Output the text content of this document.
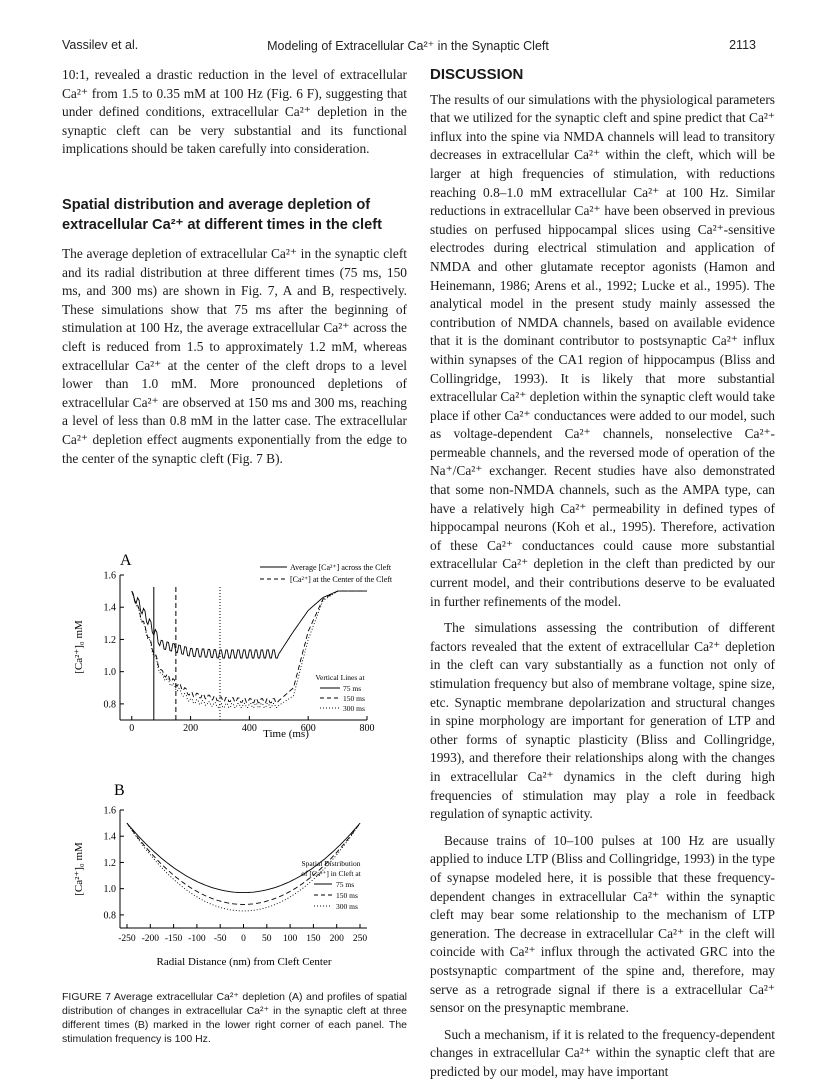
Vassilev et al.	Modeling of Extracellular Ca²⁺ in the Synaptic Cleft	2113

10:1, revealed a drastic reduction in the level of extracellular Ca²⁺ from 1.5 to 0.35 mM at 100 Hz (Fig. 6 F), suggesting that under defined conditions, extracellular Ca²⁺ depletion in the synaptic cleft can be very substantial and its functional implications should be taken carefully into consideration.

Spatial distribution and average depletion of extracellular Ca²⁺ at different times in the cleft

The average depletion of extracellular Ca²⁺ in the synaptic cleft and its radial distribution at three different times (75 ms, 150 ms, and 300 ms) are shown in Fig. 7, A and B, respectively. These simulations show that 75 ms after the beginning of stimulation at 100 Hz, the average extracellular Ca²⁺ across the cleft is reduced from 1.5 to approximately 1.2 mM, whereas extracellular Ca²⁺ at the center of the cleft drops to a level lower than 1.0 mM. More pronounced depletions of extracellular Ca²⁺ are observed at 150 ms and 300 ms, reaching a level of less than 0.8 mM in the latter case. The extracellular Ca²⁺ depletion effect augments exponentially from the edge to the center of the synaptic cleft (Fig. 7 B).

DISCUSSION

The results of our simulations with the physiological parameters that we utilized for the synaptic cleft and spine predict that Ca²⁺ influx into the spine via NMDA channels will lead to transitory decreases in extracellular Ca²⁺ within the cleft, which will be larger at high frequencies of stimulation, with reductions reaching 0.8–1.0 mM extracellular Ca²⁺ at 100 Hz. Similar reductions in extracellular Ca²⁺ have been observed in previous studies on perfused hippocampal slices using Ca²⁺-sensitive electrodes during electrical stimulation and application of NMDA and other glutamate receptor agonists (Hamon and Heinemann, 1986; Arens et al., 1992; Lucke et al., 1995). The analytical model in the present study mainly assessed the contribution of NMDA channels, based on available evidence that it is the dominant contributor to postsynaptic Ca²⁺ influx within synapses of the CA1 region of hippocampus (Bliss and Collingridge, 1993). It is likely that more substantial extracellular Ca²⁺ depletion within the synaptic cleft would take place if other Ca²⁺ conductances were added to our model, such as voltage-dependent Ca²⁺ channels, nonselective Ca²⁺-permeable channels, and the reversed mode of operation of the Na⁺/Ca²⁺ exchanger. Recent studies have also demonstrated that some non-NMDA channels, such as the AMPA type, can have a relatively high Ca²⁺ permeability in defined types of hippocampal neurons (Koh et al., 1995). Therefore, activation of these Ca²⁺ conductances could cause more substantial extracellular Ca²⁺ depletion in the cleft than predicted by our current model, and their contributions deserve to be evaluated in further refinements of the model.

The simulations assessing the contribution of different factors revealed that the extent of extracellular Ca²⁺ depletion in the cleft can vary substantially as a function not only of stimulation frequency but also of membrane voltage, spine size, etc. Synaptic membrane depolarization and structural changes in spine morphology are important for generation of LTP and other forms of synaptic plasticity (Bliss and Collingridge, 1993), and therefore their relationships along with the changes in extracellular Ca²⁺ dynamics in the cleft during high frequencies of stimulation may play a role in feedback regulation of synaptic activity.

Because trains of 10–100 pulses at 100 Hz are usually applied to induce LTP (Bliss and Collingridge, 1993) in the type of synapse modeled here, it is possible that these frequency-dependent changes in extracellular Ca²⁺ within the synaptic cleft may bear some relationship to the mechanism of LTP generation. The decrease in extracellular Ca²⁺ in the cleft will coincide with Ca²⁺ influx through the activated GRC into the postsynaptic compartment of the spine and, therefore, may serve as a retrograde signal if there is a extracellular Ca²⁺ sensor on the presynaptic membrane.

Such a mechanism, if it is related to the frequency-dependent changes in extracellular Ca²⁺ within the synaptic cleft that are predicted by our model, may have important

A
B
0	200	400	600	800
0.8
1.0
1.2
1.4
1.6
Time (ms)
[Ca²⁺]₀ mM
Average [Ca²⁺] across the Cleft
[Ca²⁺] at the Center of the Cleft
Vertical Lines at
75 ms
150 ms
300 ms
-250 -200 -150 -100 -50 0 50 100 150 200 250
0.8
1.0
1.2
1.4
1.6
Radial Distance (nm) from Cleft Center
[Ca²⁺]₀ mM	Spatial Distribution
of [Ca²⁺] in Cleft at
75 ms
150 ms
300 ms

FIGURE 7 Average extracellular Ca²⁺ depletion (A) and profiles of spatial distribution of changes in extracellular Ca²⁺ in the synaptic cleft at three different times (B) marked in the lower right corner of each panel. The stimulation frequency is 100 Hz.
